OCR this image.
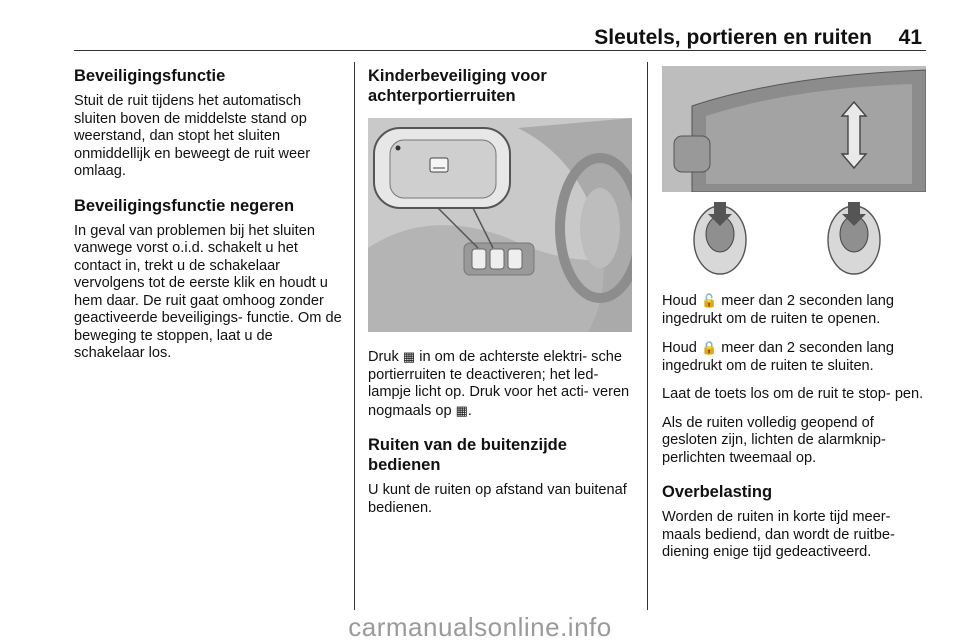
Sleutels, portieren en ruiten 41
Beveiligingsfunctie

Stuit de ruit tijdens het automatisch sluiten boven de middelste stand op weerstand, dan stopt het sluiten onmiddellijk en beweegt de ruit weer omlaag.

Beveiligingsfunctie negeren

In geval van problemen bij het sluiten vanwege vorst o.i.d. schakelt u het contact in, trekt u de schakelaar vervolgens tot de eerste klik en houdt u hem daar. De ruit gaat omhoog zonder geactiveerde beveiligings- functie. Om de beweging te stoppen, laat u de schakelaar los.

Kinderbeveiliging voor achterportierruiten

Druk ▦ in om de achterste elektri- sche portierruiten te deactiveren; het led-lampje licht op. Druk voor het acti- veren nogmaals op ▦.

Ruiten van de buitenzijde bedienen

U kunt de ruiten op afstand van buitenaf bedienen.

Houd 🔓 meer dan 2 seconden lang ingedrukt om de ruiten te openen.

Houd 🔒 meer dan 2 seconden lang ingedrukt om de ruiten te sluiten.

Laat de toets los om de ruit te stop- pen.

Als de ruiten volledig geopend of gesloten zijn, lichten de alarmknip- perlichten tweemaal op.

Overbelasting

Worden de ruiten in korte tijd meer- maals bediend, dan wordt de ruitbe- diening enige tijd gedeactiveerd.

carmanualsonline.info
